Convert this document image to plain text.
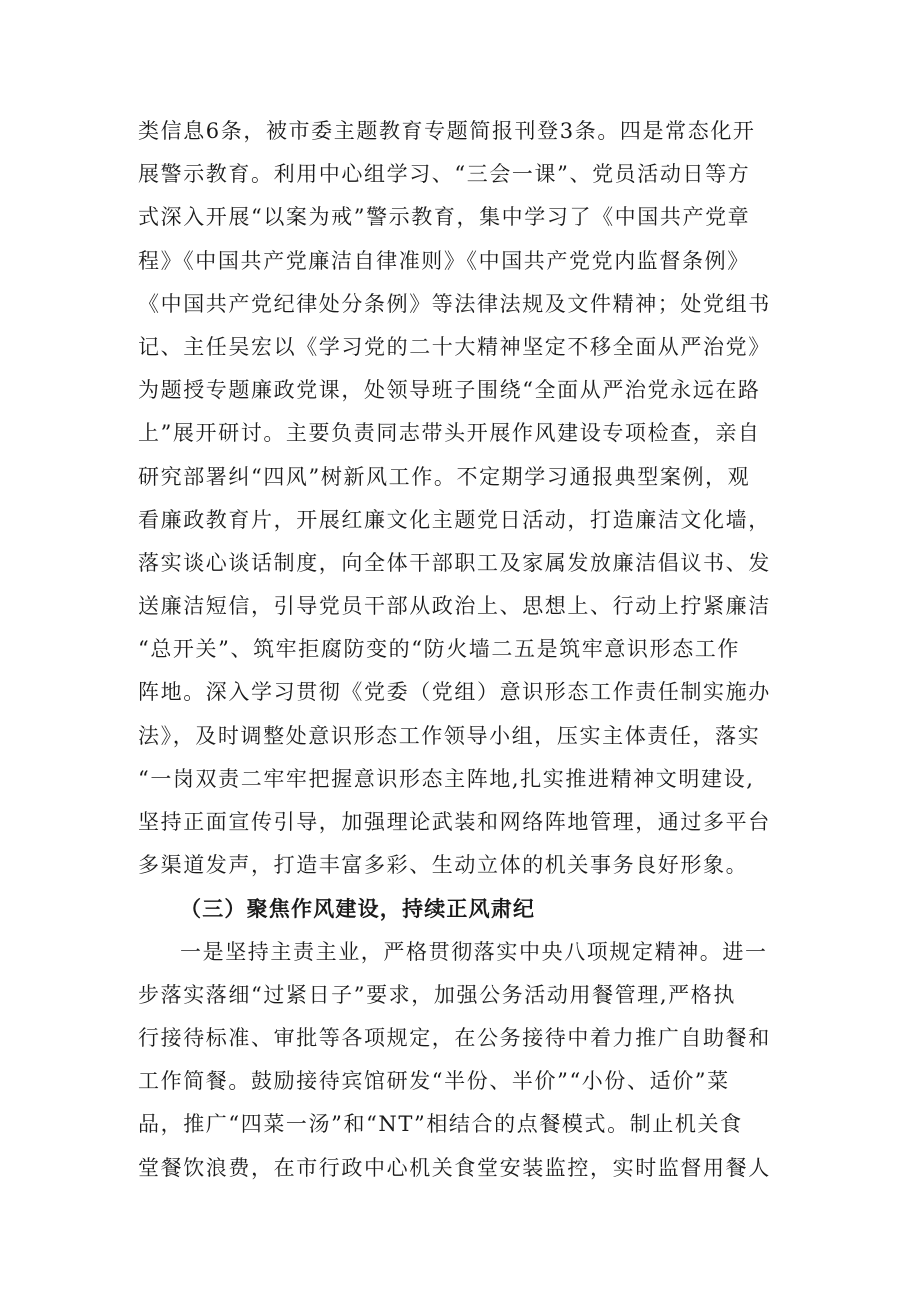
类信息6条，被市委主题教育专题简报刊登3条。四是常态化开
展警示教育。利用中心组学习、“三会一课”、党员活动日等方
式深入开展“以案为戒”警示教育，集中学习了《中国共产党章
程》《中国共产党廉洁自律准则》《中国共产党党内监督条例》
《中国共产党纪律处分条例》等法律法规及文件精神；处党组书
记、主任吴宏以《学习党的二十大精神坚定不移全面从严治党》
为题授专题廉政党课，处领导班子围绕“全面从严治党永远在路
上”展开研讨。主要负责同志带头开展作风建设专项检查，亲自
研究部署纠“四风”树新风工作。不定期学习通报典型案例，观
看廉政教育片，开展红廉文化主题党日活动，打造廉洁文化墙，
落实谈心谈话制度，向全体干部职工及家属发放廉洁倡议书、发
送廉洁短信，引导党员干部从政治上、思想上、行动上拧紧廉洁
“总开关”、筑牢拒腐防变的“防火墙二五是筑牢意识形态工作
阵地。深入学习贯彻《党委（党组）意识形态工作责任制实施办
法》，及时调整处意识形态工作领导小组，压实主体责任，落实
“一岗双责二牢牢把握意识形态主阵地,扎实推进精神文明建设,
坚持正面宣传引导，加强理论武装和网络阵地管理，通过多平台
多渠道发声，打造丰富多彩、生动立体的机关事务良好形象。
（三）聚焦作风建设，持续正风肃纪
一是坚持主责主业，严格贯彻落实中央八项规定精神。进一
步落实落细“过紧日子”要求，加强公务活动用餐管理,严格执
行接待标准、审批等各项规定，在公务接待中着力推广自助餐和
工作简餐。鼓励接待宾馆研发“半份、半价”“小份、适价”菜
品，推广“四菜一汤”和“NT”相结合的点餐模式。制止机关食
堂餐饮浪费，在市行政中心机关食堂安装监控，实时监督用餐人
